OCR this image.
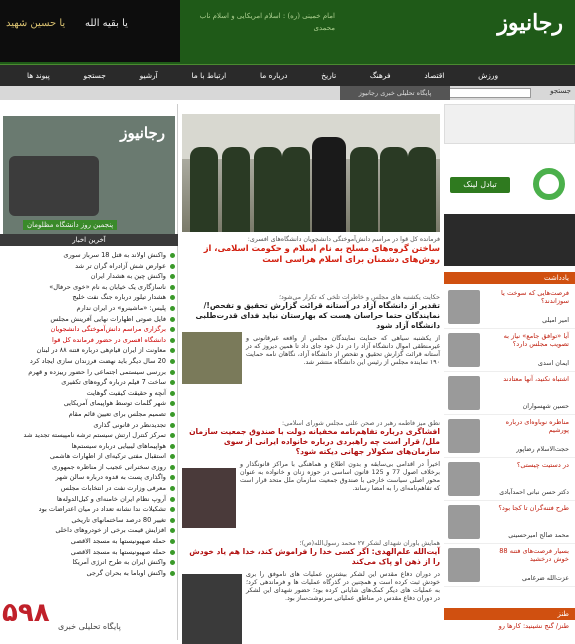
یا حسین شهید یا بقیه الله
امام خمینی (ره) : اسلام امریکایی و اسلام ناب محمدی	رجانیوز
ورزش
اقتصاد
فرهنگ
تاریخ
درباره ما
ارتباط با ما
آرشیو
جستجو
پیوند ها
جستجو
پایگاه تحلیلی خبری رجانیوز
رجانیوز
پنجمین روز دانشگاه مظلومان
آخرین اخبار
واکنش اولاند به قتل 18 سرباز سوری
عوارض شش آزادراه گران تر شد
واکنش چین به هشدار ایران
ناسازگاری یک خیابان به نام «خوی حرفال»
هشدار تیلور درباره جنگ نفت خلیج
پلیس: «ماشینرو» در ایران ندارم
فایل صوتی اظهارات نهایی آفرینش مجلس
برگزاری مراسم دانش‌آموختگی دانشجویان
دانشگاه افسری در حضور فرمانده کل قوا
معاونت از ایران قیام‌هی درباره فتنه ۸۸ در لبنان
20 سال دیگر باید نهضت فرزندان سازی ایجاد کرد
بررسی سیستمی اجتماعی را حضور رییزده و قهرم
ساخت 7 فیلم درباره گروه‌های تکفیری
آنچه و حقیقت کیفیت گوهایت
شهر گلمات توسط هواپیمای آمریکایی
تصمیم مجلس برای تعیین قائم مقام
تجدیدنظر در قانونی گذاری
تمرکز کنترل ارتش سیستم ترشه نامپیسته تجدید شد
هواپیماهای لیبیایی درباره سیستم‌ها
استقبال مفتی ترکیه‌ای از اظهارات هاشمی
روزی سخنرانی عجیب از مناظره جمهوری
واگذاری پست به قدوه درباره سالن شهر
معرفی وزارت نفت در انتخابات مجلس
آروپ نظام ایران خامنه‌ای و کیل‌الدوله‌ها
تشکیلات ندا نشانه تعداد در میان اعتراضات بود
تغییر 80 درصد ساختمانهای تاریخی
افزایش قیمت برخی از خودروهای داخلی
حمله صهیونیستها به مسجد الاقصی
حمله صهیونیستها به مسجد الاقصی
واکنش ایران به طرح انرژی آمریکا
واکنش اوباما به بحران گرجی
فرمانده کل قوا در مراسم دانش‌آموختگی دانشجویان دانشگاه‌های افسری:
ساختن گروه‌های مسلح به نام اسلام و حکومت اسلامی، از روش‌های دشمنان برای اسلام هراسی است
حکایت یکشنبه های مجلس و خاطرات تلخی که تکرار می‌شود؛
تقدیر از دانشگاه آزاد در آستانه قرائت گزارش تحقیق و تفحص!/ نمایندگان حتما حراسان هست که بهارستان نباید فدای قدرت‌طلبی دانشگاه آزاد شود
از یکشنبه سیاهی که حمایت نمایندگان مجلس از واقعه غیرقانونی و غیرمنطقی اموال دانشگاه آزاد را در دل خود جای داد تا همین دیروز که در آستانه قرائت گزارش تحقیق و تفحص از دانشگاه آزاد، نگاهان نامه حمایت ۱۹۰ نماینده مجلس از رئیس این دانشگاه منتشر شد.
نطق میز فاطمه رهبر در صحن علنی مجلس شورای اسلامی:
افشاگری درباره تفاهم‌نامه مخفیانه دولت با صندوق جمعیت سازمان ملل/ قرار است چه راهبردی درباره خانواده ایرانی از سوی سازمان‌های سکولار جهانی دیکته شود؟
اخیراً در اقدامی بی‌سابقه و بدون اطلاع و هماهنگی با مراکز قانونگذار و برخلاف اصول 77 و 125 قانون اساسی در حوزه زنان و خانواده به عنوان محور اصلی سیاست خارجی با صندوق جمعیت سازمان ملل متحد قرار است که تفاهم‌نامه‌ای را به امضا رساند.
همایش باوران شهدای لشکر ۲۷ محمد رسول‌الله(ص)؛
آیت‌الله علم‌الهدی: اگر کسی خدا را فراموش کند، خدا هم یاد خودش را از ذهن او پاک می‌کند
در دوران دفاع مقدس این لشکر بیشترین عملیات های ناموفق را بری خودش ثبت کرده است و همچنین در گذرگاه عملیات ها و فرماندهی کرد؛ به عملیات های دیگر کمک‌های شایانی کرده بود؛ حضور شهدای این لشکر در دوران دفاع مقدس در مناطق عملیاتی سرنوشت‌ساز بود.
تبادل لینک
یادداشت
فرصت‌هایی که سوخت یا سوزاندند؟
امیر امیلی
آیا «توافق جامع» نیاز به تصویب مجلس دارد؟
ایمان اسدی
اشتباه نکنید، آنها معتادند
حسین شهسواران
مناظره نوباوه‌ای درباره پورشیم
حجت‌الاسلام رضاپور
در دستیت چیستی؟
دکتر حسن نبانی احمدآبادی
طرح فتنه‌گران تا کجا بود؟
محمد صالح امیرحسینی
بسیار فرصت‌های فتنه 88 خوش درخشید
عزت‌الله ضرغامی
طنز
طنز/ گنج نشینید: کارها رو
۵۹۸ پایگاه تحلیلی خبری
